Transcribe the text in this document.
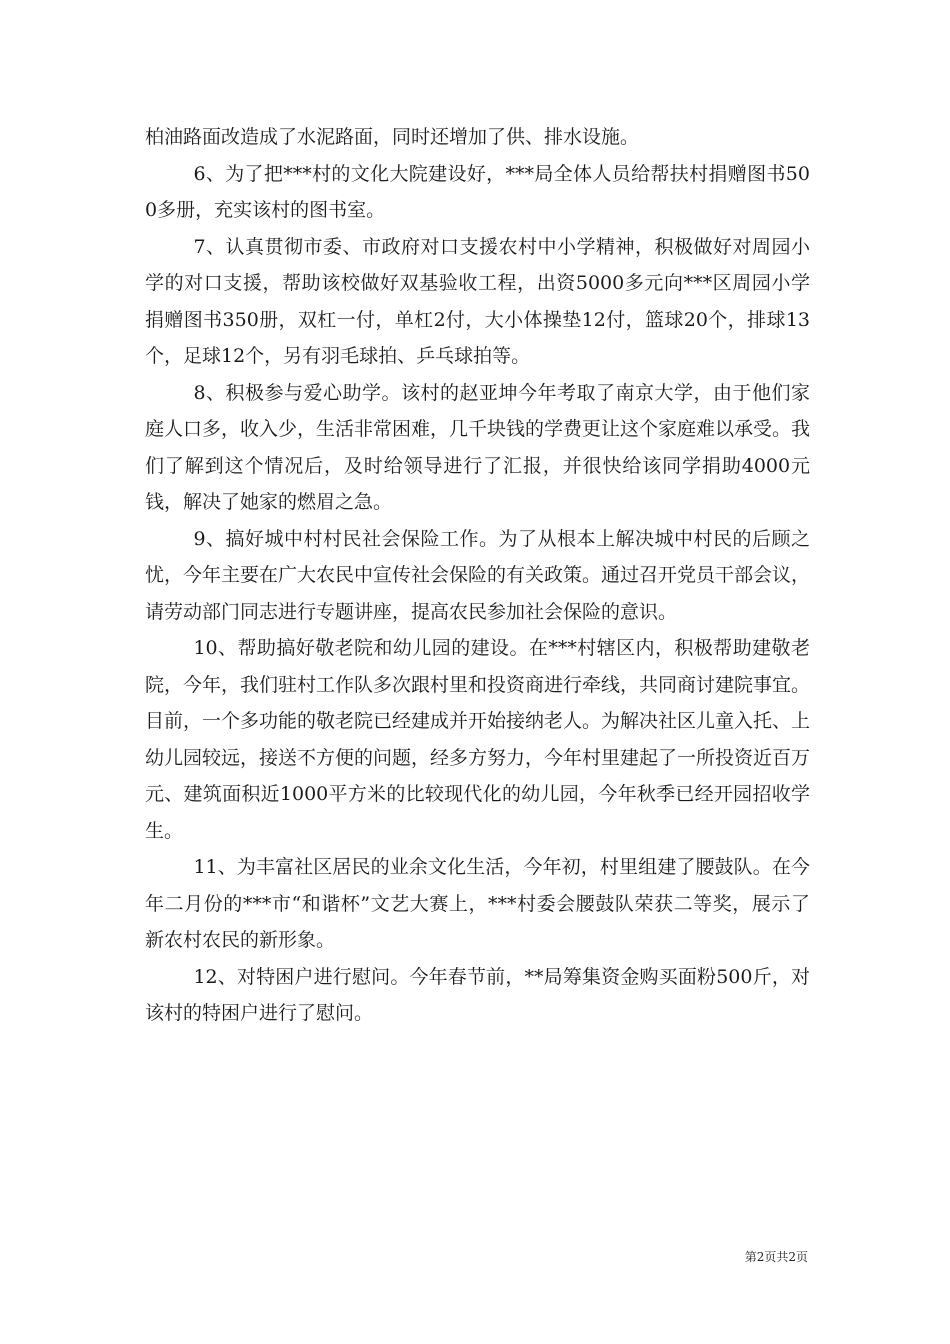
柏油路面改造成了水泥路面，同时还增加了供、排水设施。

6、为了把***村的文化大院建设好，***局全体人员给帮扶村捐赠图书500多册，充实该村的图书室。

7、认真贯彻市委、市政府对口支援农村中小学精神，积极做好对周园小学的对口支援，帮助该校做好双基验收工程，出资5000多元向***区周园小学捐赠图书350册，双杠一付，单杠2付，大小体操垫12付，篮球20个，排球13个，足球12个，另有羽毛球拍、乒乓球拍等。

8、积极参与爱心助学。该村的赵亚坤今年考取了南京大学，由于他们家庭人口多，收入少，生活非常困难，几千块钱的学费更让这个家庭难以承受。我们了解到这个情况后，及时给领导进行了汇报，并很快给该同学捐助4000元钱，解决了她家的燃眉之急。

9、搞好城中村村民社会保险工作。为了从根本上解决城中村民的后顾之忧，今年主要在广大农民中宣传社会保险的有关政策。通过召开党员干部会议，请劳动部门同志进行专题讲座，提高农民参加社会保险的意识。

10、帮助搞好敬老院和幼儿园的建设。在***村辖区内，积极帮助建敬老院，今年，我们驻村工作队多次跟村里和投资商进行牵线，共同商讨建院事宜。目前，一个多功能的敬老院已经建成并开始接纳老人。为解决社区儿童入托、上幼儿园较远，接送不方便的问题，经多方努力，今年村里建起了一所投资近百万元、建筑面积近1000平方米的比较现代化的幼儿园，今年秋季已经开园招收学生。

11、为丰富社区居民的业余文化生活，今年初，村里组建了腰鼓队。在今年二月份的***市“和谐杯”文艺大赛上，***村委会腰鼓队荣获二等奖，展示了新农村农民的新形象。

12、对特困户进行慰问。今年春节前，**局筹集资金购买面粉500斤，对该村的特困户进行了慰问。

第2页共2页
